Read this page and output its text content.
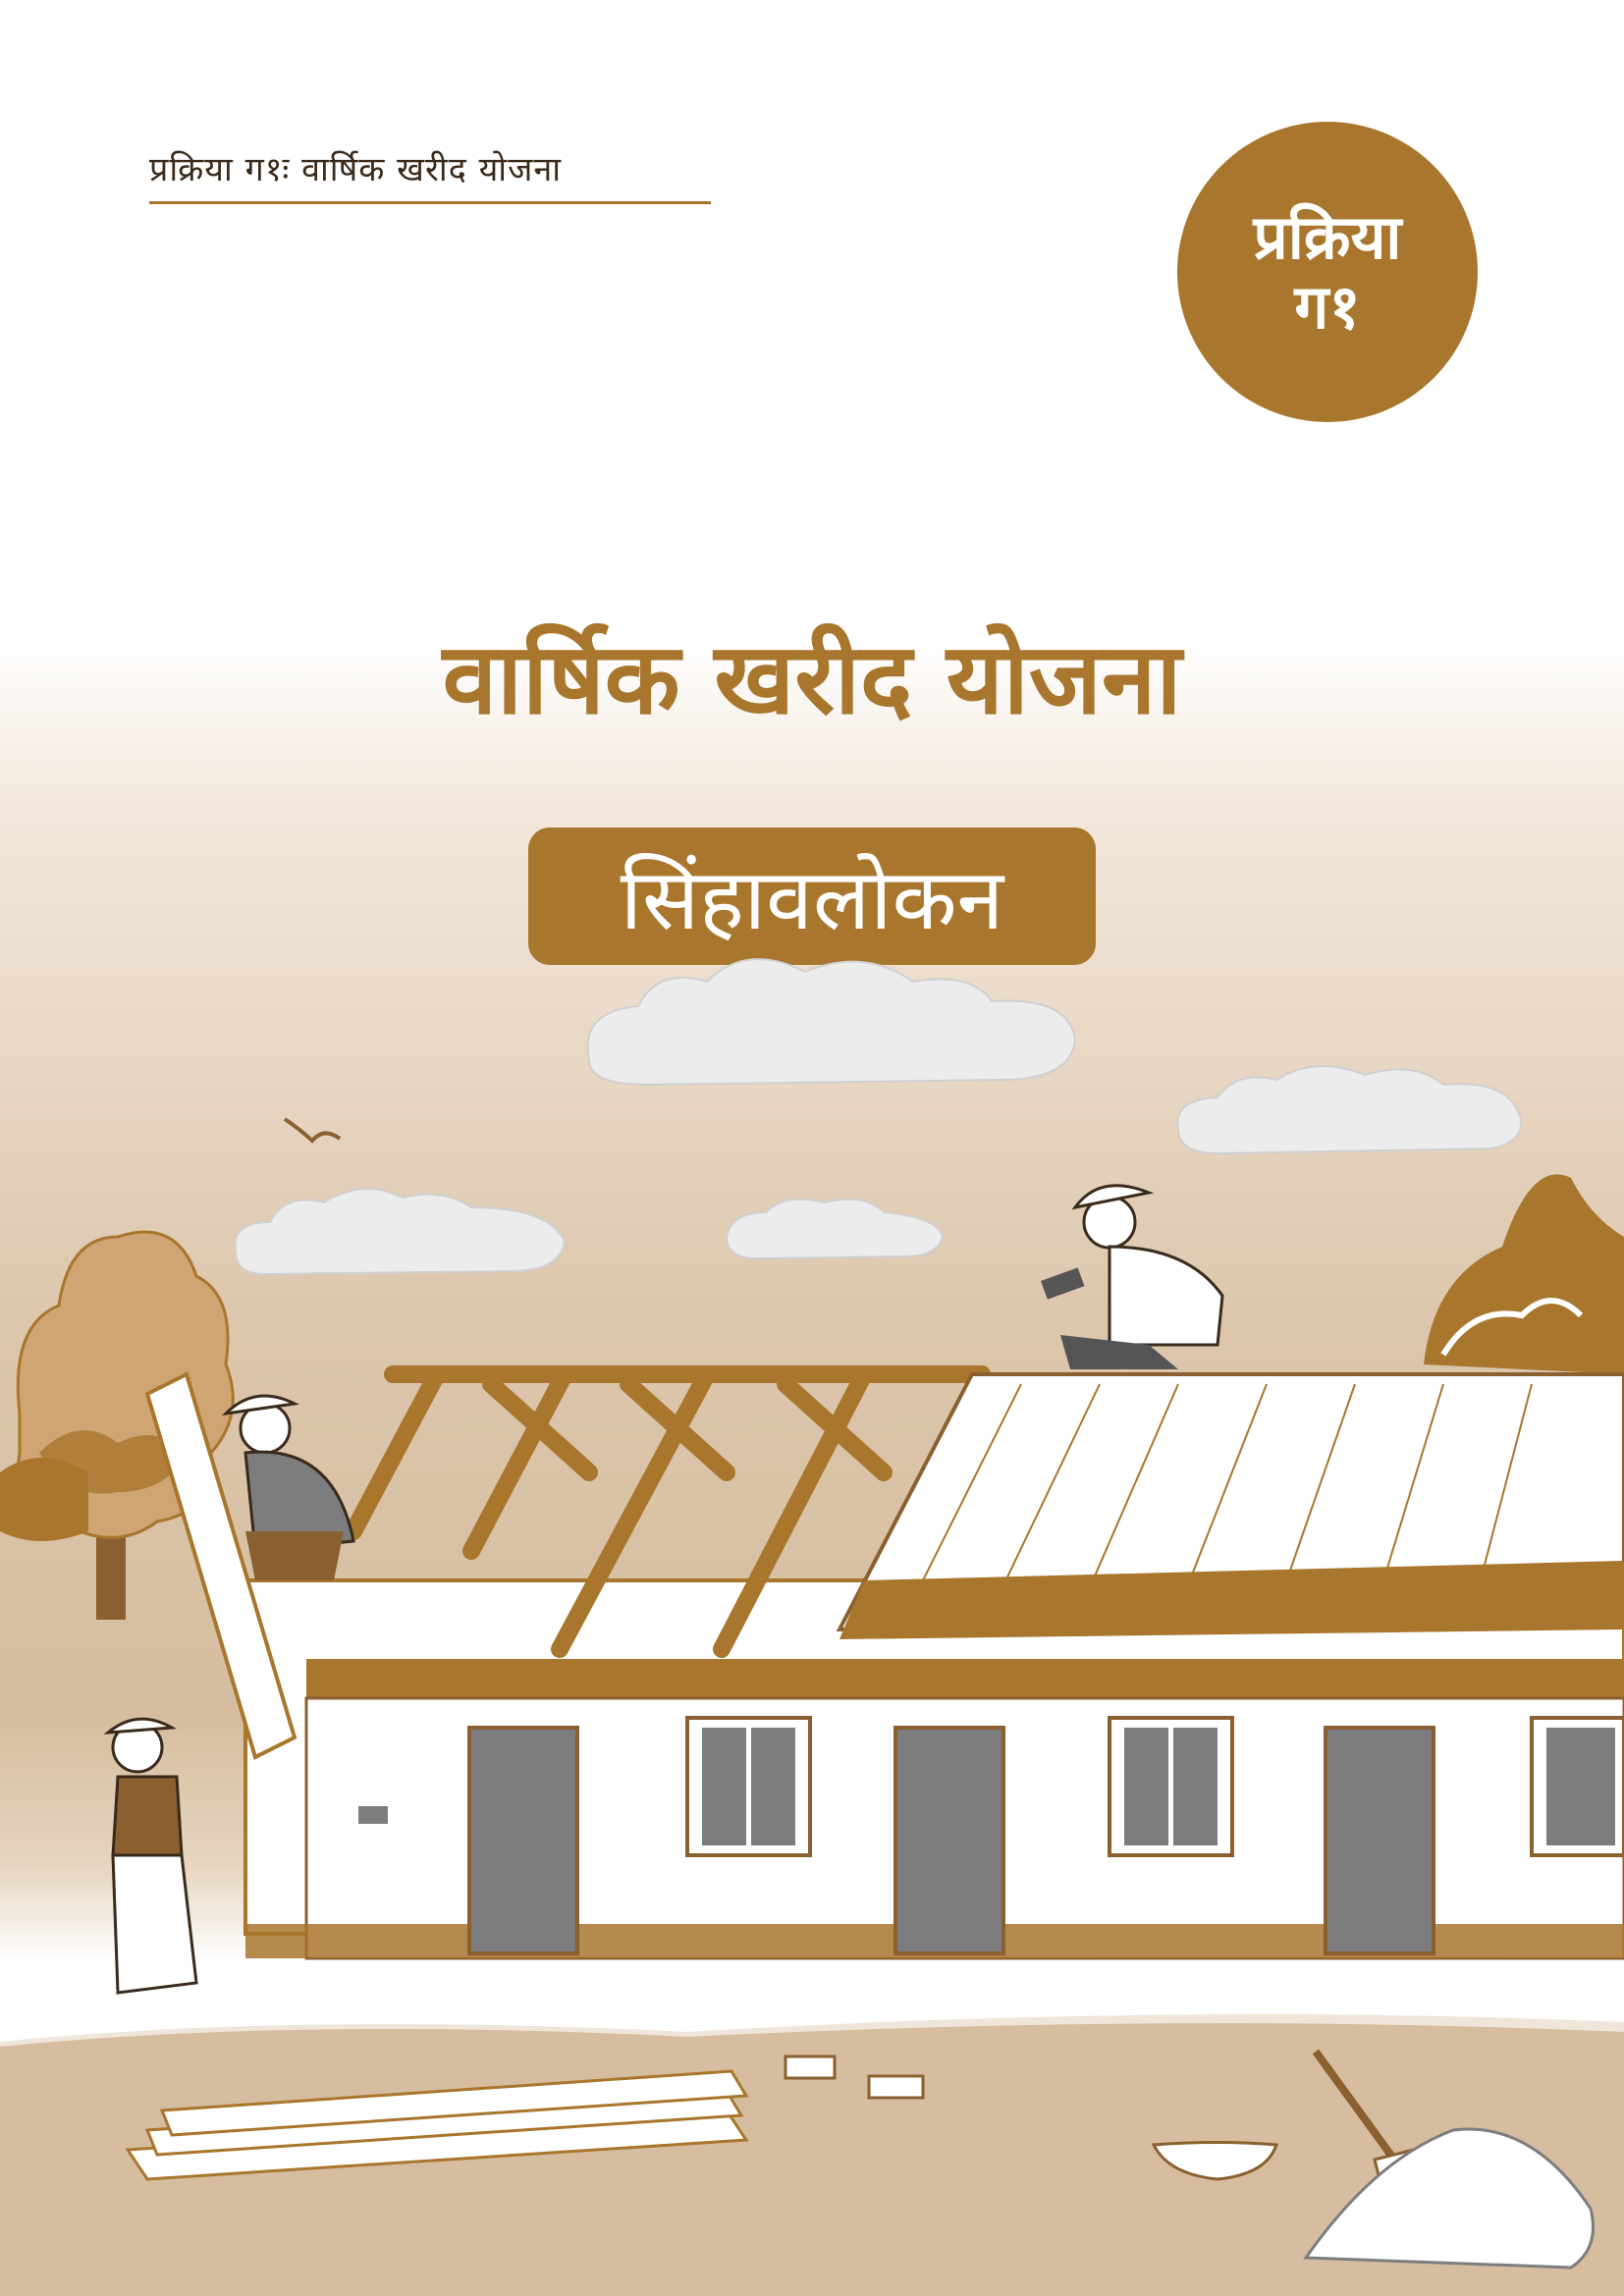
प्रक्रिया ग१ः वार्षिक खरीद योजना
प्रक्रिया
ग१
वार्षिक खरीद योजना
सिंहावलोकन
